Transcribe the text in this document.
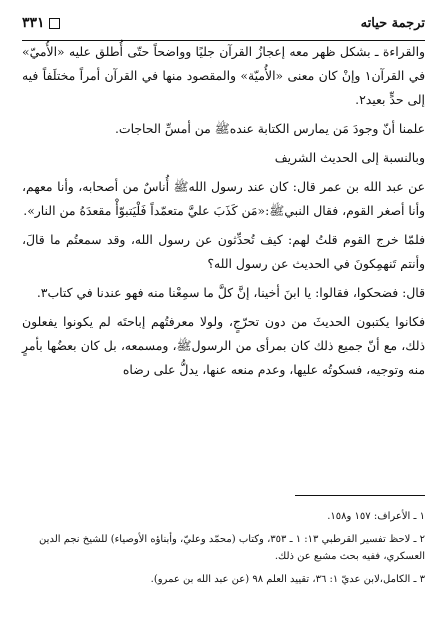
ترجمة حياته
٣٣١

والقراءة ـ بشكل ظهر معه إعجازُ القرآن جليًا وواضحاً حتّى أُطلق عليه «الأُميّ» في القرآن١ وإنْ كان معنى «الأُميّة» والمقصود منها في القرآن أمراً مختلَفاً فيه إلى حدٍّ بعيد٢.

علمنا أنّ وجودَ مَن يمارس الكتابة عندهﷺ من أمسِّ الحاجات.

وبالنسبة إلى الحديث الشريف

عن عبد الله بن عمر قال: كان عند رسول اللهﷺ أُناسٌ من أصحابه، وأنا معهم، وأنا أصغر القوم، فقال النبيﷺ:«مَن كَذَبَ عليَّ متعمّداً فَلْيَتبوّأْ مقعدَهُ من النار».

فلمّا خرج القوم قلتُ لهم: كيف تُحدِّثون عن رسول الله، وقد سمعتُم ما قالَ، وأنتم تَنهمِكونَ في الحديث عن رسول الله؟

قال: فضحكوا، فقالوا: يا ابنَ أخينا، إنَّ كلَّ ما سمِعْنا منه فهو عندنا في كتاب٣.

فكانوا يكتبون الحديثَ من دون تحرّجٍ، ولولا معرفتُهم إباحتَه لم يكونوا يفعلون ذلك، مع أنّ جميع ذلك كان بمرأى من الرسولﷺ، ومسمعه، بل كان بعضُها بأمرٍ منه وتوجيه، فسكوتُه عليها، وعدم منعه عنها، يدلُّ على رضاه

١ ـ الأعراف: ١٥٧ و١٥٨.

٢ ـ لاحظ تفسير القرطبي ١٣: ١ ـ ٣٥٣، وكتاب (محمّد وعليّ، وأبناؤه الأوصياء) للشيخ نجم الدين العسكري، ففيه بحث مشبع عن ذلك.

٣ ـ الكامل،لابن عديّ ١: ٣٦، تقييد العلم ٩٨ (عن عبد الله بن عمرو).
